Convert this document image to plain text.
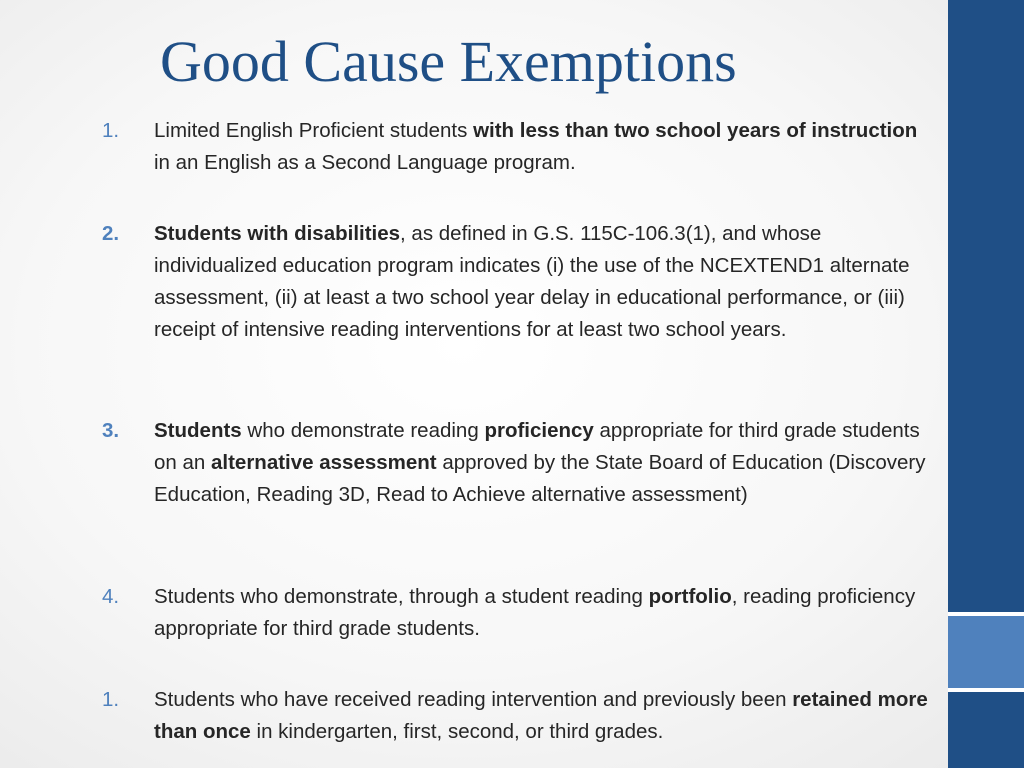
Good Cause Exemptions
1. Limited English Proficient students with less than two school years of instruction in an English as a Second Language program.
2. Students with disabilities, as defined in G.S. 115C-106.3(1), and whose individualized education program indicates (i) the use of the NCEXTEND1 alternate assessment, (ii) at least a two school year delay in educational performance, or (iii) receipt of intensive reading interventions for at least two school years.
3. Students who demonstrate reading proficiency appropriate for third grade students on an alternative assessment approved by the State Board of Education (Discovery Education, Reading 3D, Read to Achieve alternative assessment)
4. Students who demonstrate, through a student reading portfolio, reading proficiency appropriate for third grade students.
1. Students who have received reading intervention and previously been retained more than once in kindergarten, first, second, or third grades.
